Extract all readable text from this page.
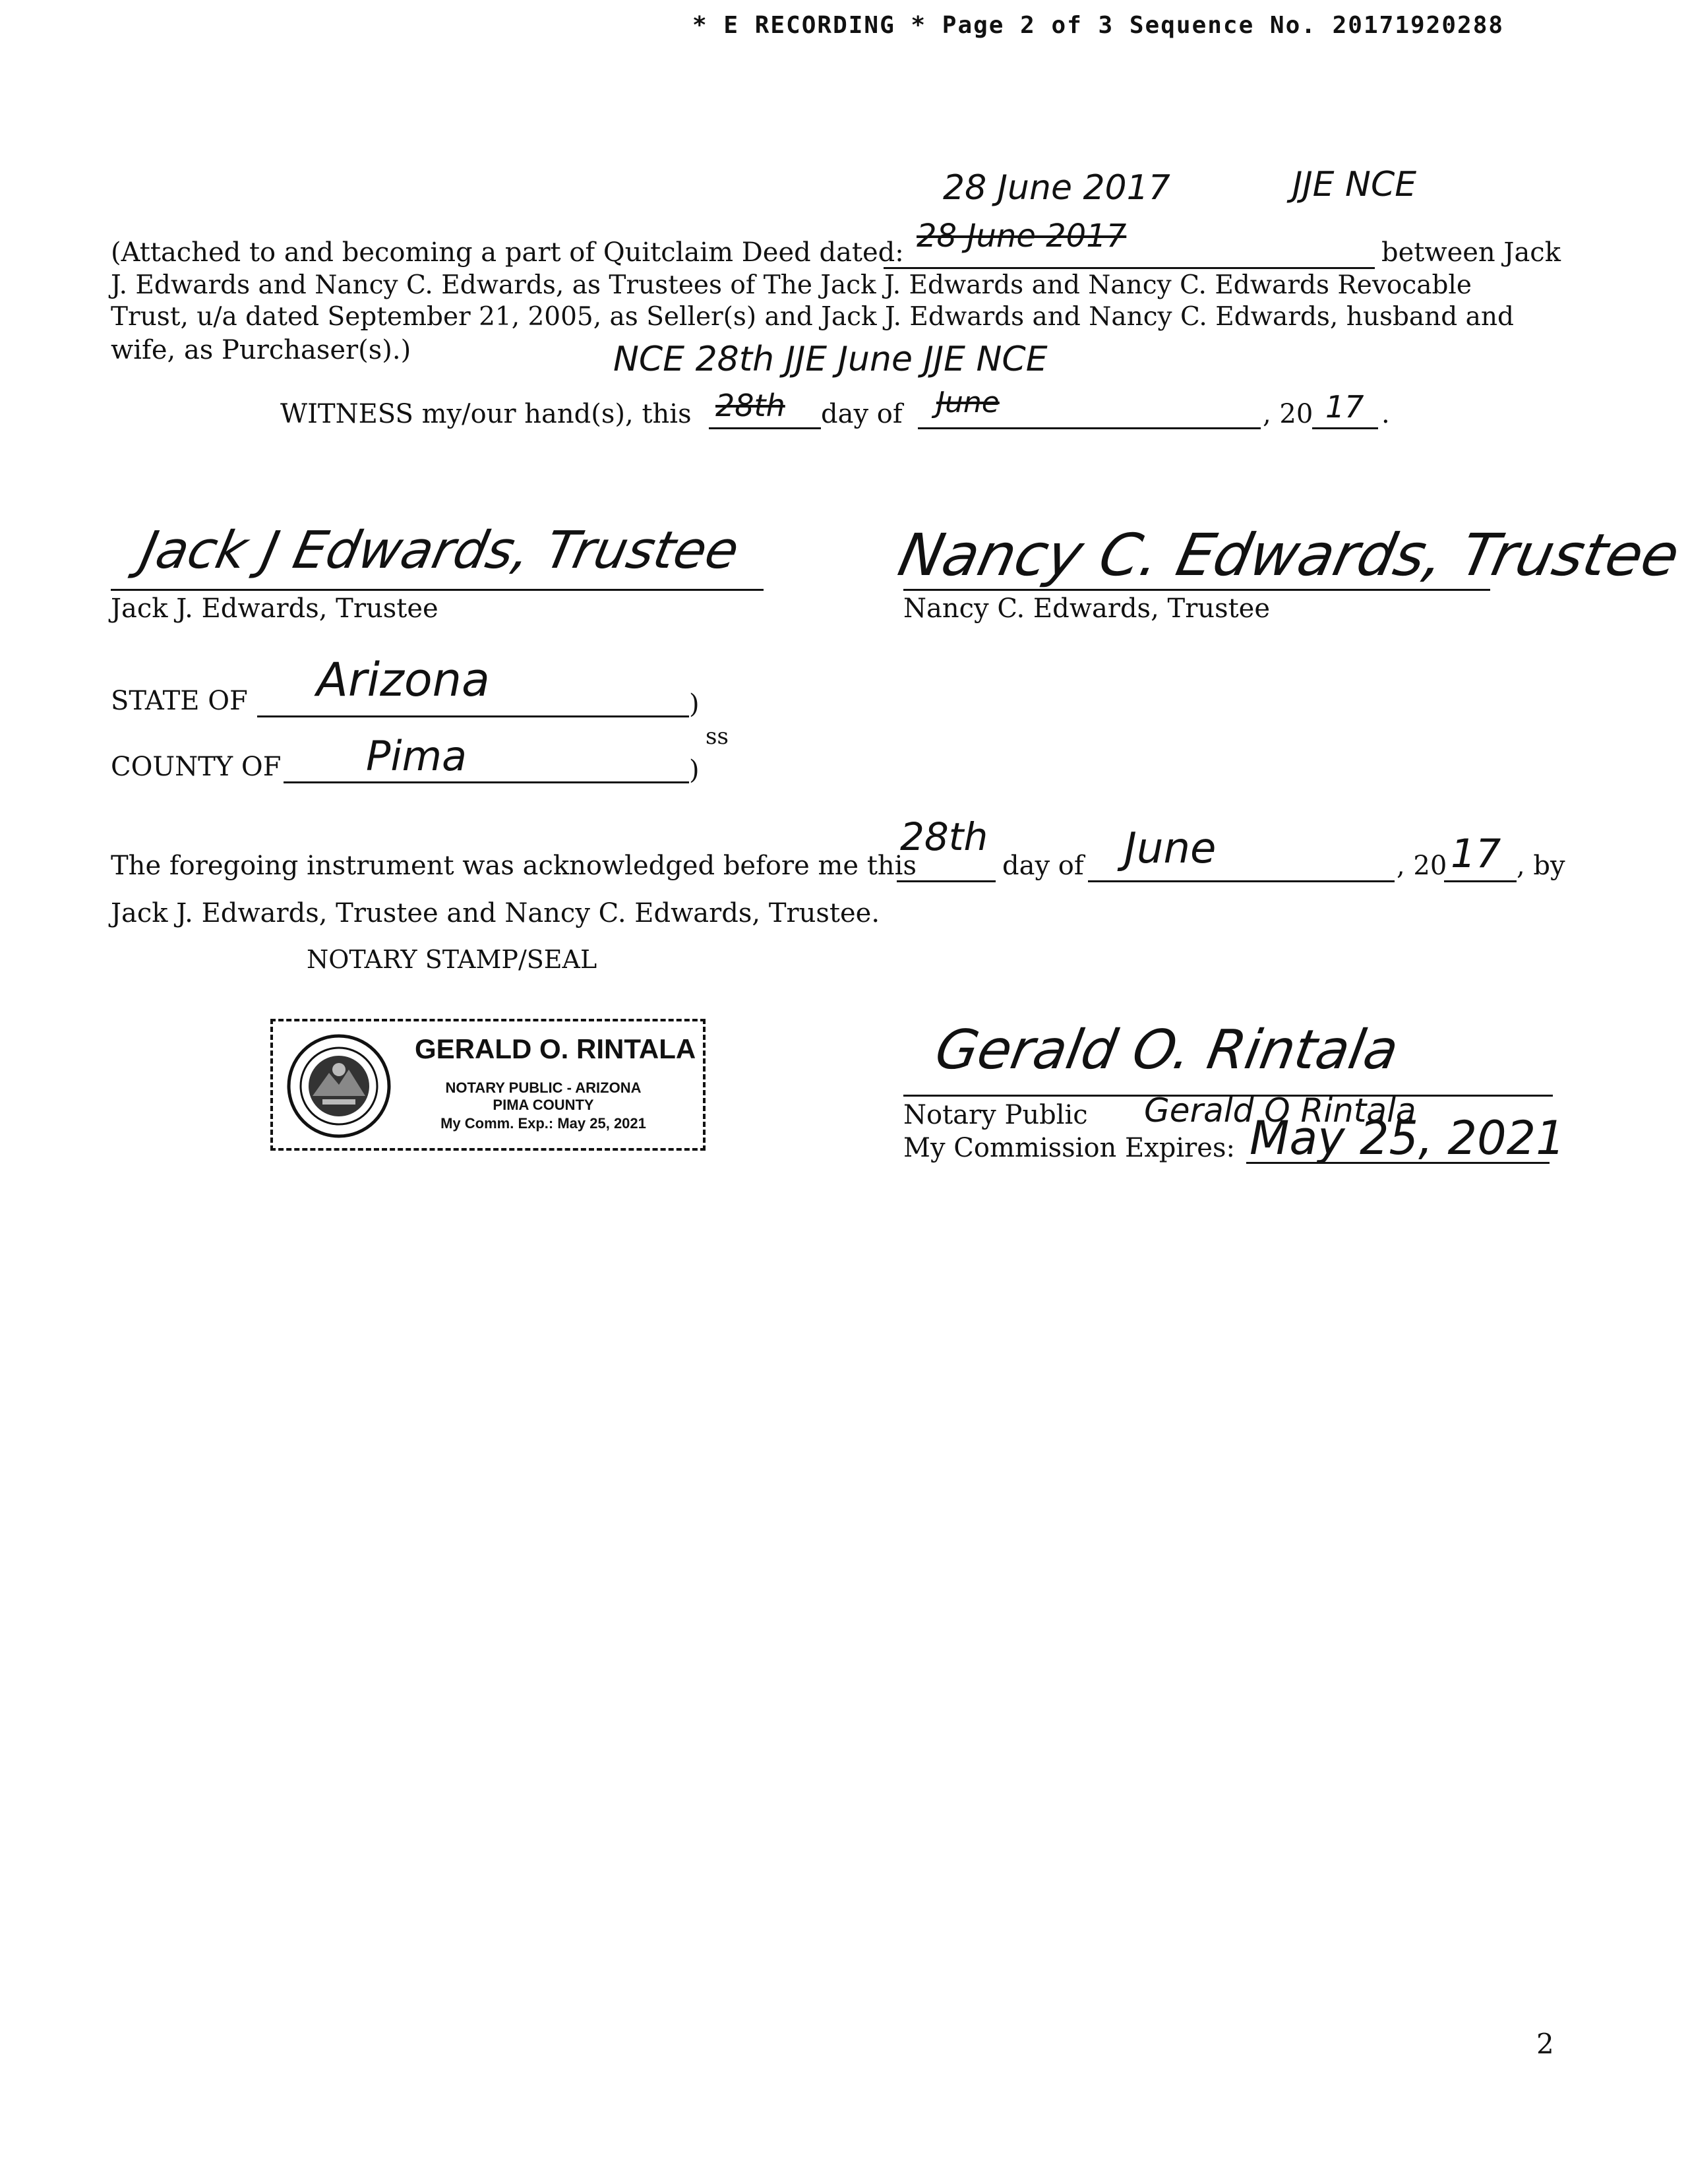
* E RECORDING * Page 2 of 3 Sequence No. 20171920288
28 June 2017	JJE NCE
(Attached to and becoming a part of Quitclaim Deed dated: 28 June 2017	between Jack
J. Edwards and Nancy C. Edwards, as Trustees of The Jack J. Edwards and Nancy C. Edwards Revocable
Trust, u/a dated September 21, 2005, as Seller(s) and Jack J. Edwards and Nancy C. Edwards, husband and
wife, as Purchaser(s).)	NCE 28th JJE June JJE NCE
WITNESS my/our hand(s), this 28th day of June	, 20 17 .
Jack J Edwards, Trustee
Jack J. Edwards, Trustee
Nancy C. Edwards, Trustee
Nancy C. Edwards, Trustee
STATE OF Arizona	)
ss
COUNTY OF Pima	)
The foregoing instrument was acknowledged before me this
28th
day of June	, 20 17 , by
Jack J. Edwards, Trustee and Nancy C. Edwards, Trustee.
NOTARY STAMP/SEAL
GERALD O. RINTALA
NOTARY PUBLIC - ARIZONA
PIMA COUNTY
My Comm. Exp.: May 25, 2021
Gerald O. Rintala
Notary Public Gerald O Rintala
My Commission Expires: May 25, 2021
2
